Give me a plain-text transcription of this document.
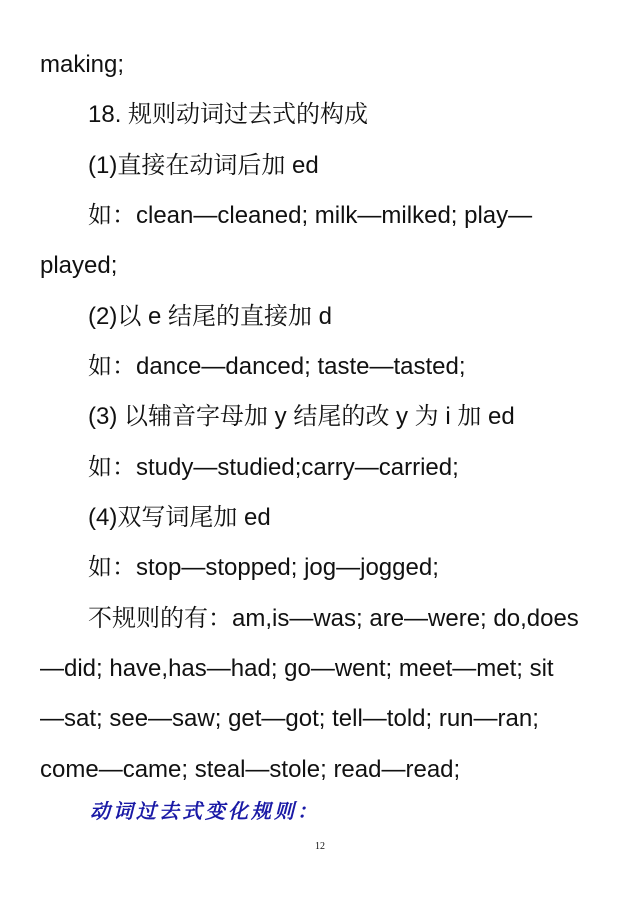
making;
18. 规则动词过去式的构成
(1)直接在动词后加 ed
如：clean—cleaned; milk—milked; play—
played;
(2)以 e 结尾的直接加 d
如：dance—danced; taste—tasted;
(3) 以辅音字母加 y 结尾的改 y 为 i 加 ed
如：study—studied;carry—carried;
(4)双写词尾加 ed
如：stop—stopped; jog—jogged;
不规则的有：am,is—was; are—were; do,does
—did; have,has—had; go—went; meet—met; sit
—sat; see—saw; get—got; tell—told; run—ran;
come—came; steal—stole; read—read;
动词过去式变化规则：
12
